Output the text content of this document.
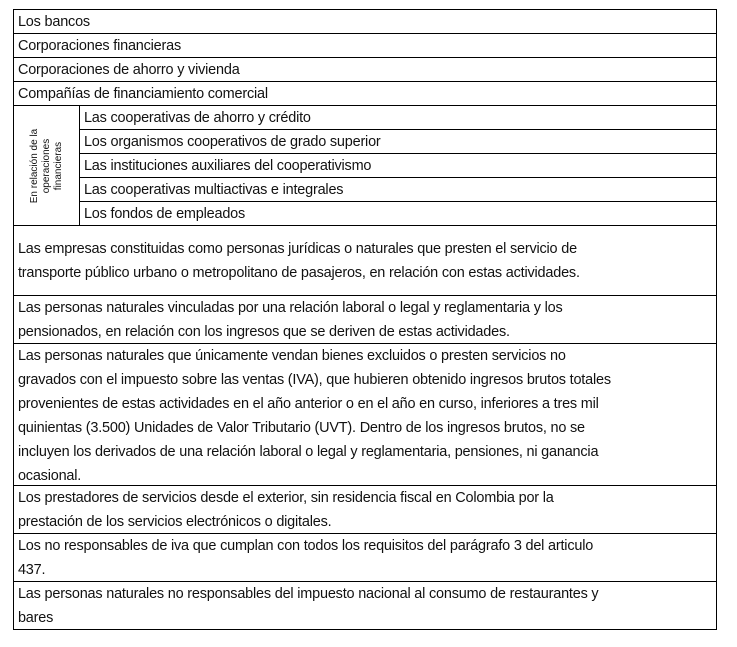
Los bancos
Corporaciones financieras
Corporaciones de ahorro y vivienda
Compañías de financiamiento comercial
En relación de la operaciones financieras
Las cooperativas de ahorro y crédito
Los organismos cooperativos de grado superior
Las instituciones auxiliares del cooperativismo
Las cooperativas multiactivas e integrales
Los fondos de empleados
Las empresas constituidas como personas jurídicas o naturales que presten el servicio de
transporte público urbano o metropolitano de pasajeros, en relación con estas actividades.
Las personas naturales vinculadas por una relación laboral o legal y reglamentaria y los
pensionados, en relación con los ingresos que se deriven de estas actividades.
Las personas naturales que únicamente vendan bienes excluidos o presten servicios no
gravados con el impuesto sobre las ventas (IVA), que hubieren obtenido ingresos brutos totales
provenientes de estas actividades en el año anterior o en el año en curso, inferiores a tres mil
quinientas (3.500) Unidades de Valor Tributario (UVT). Dentro de los ingresos brutos, no se
incluyen los derivados de una relación laboral o legal y reglamentaria, pensiones, ni ganancia
ocasional.
Los prestadores de servicios desde el exterior, sin residencia fiscal en Colombia por la
prestación de los servicios electrónicos o digitales.
Los no responsables de iva que cumplan con todos los requisitos del parágrafo 3 del articulo
437.
Las personas naturales no responsables del impuesto nacional al consumo de restaurantes y
bares
